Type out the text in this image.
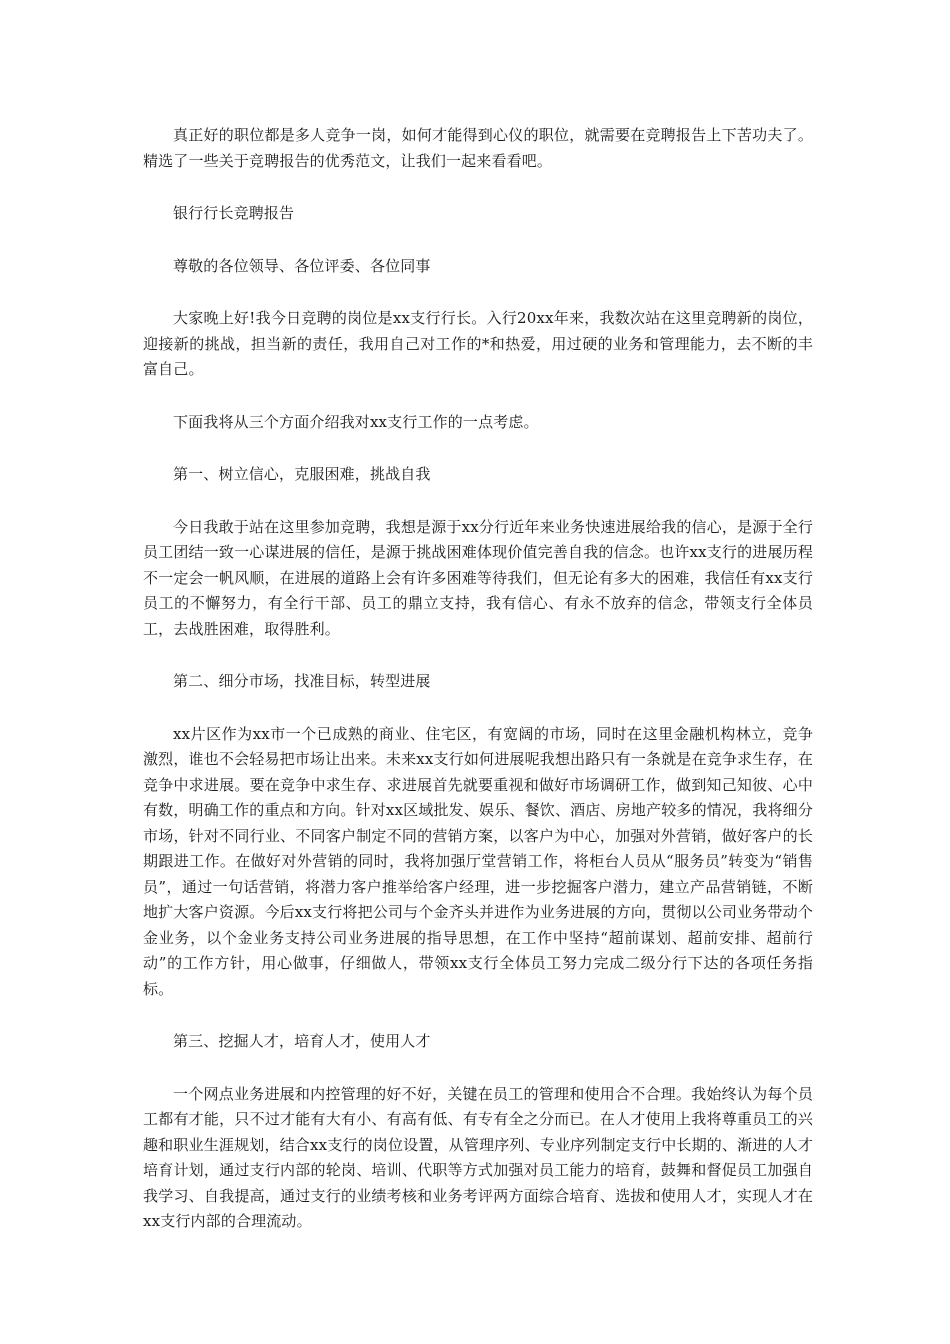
真正好的职位都是多人竞争一岗，如何才能得到心仪的职位，就需要在竞聘报告上下苦功夫了。精选了一些关于竞聘报告的优秀范文，让我们一起来看看吧。

银行行长竞聘报告

尊敬的各位领导、各位评委、各位同事

大家晚上好!我今日竞聘的岗位是xx支行行长。入行20xx年来，我数次站在这里竞聘新的岗位，迎接新的挑战，担当新的责任，我用自己对工作的*和热爱，用过硬的业务和管理能力，去不断的丰富自己。

下面我将从三个方面介绍我对xx支行工作的一点考虑。

第一、树立信心，克服困难，挑战自我

今日我敢于站在这里参加竞聘，我想是源于xx分行近年来业务快速进展给我的信心，是源于全行员工团结一致一心谋进展的信任，是源于挑战困难体现价值完善自我的信念。也许xx支行的进展历程不一定会一帆风顺，在进展的道路上会有许多困难等待我们，但无论有多大的困难，我信任有xx支行员工的不懈努力，有全行干部、员工的鼎立支持，我有信心、有永不放弃的信念，带领支行全体员工，去战胜困难，取得胜利。

第二、细分市场，找准目标，转型进展

xx片区作为xx市一个已成熟的商业、住宅区，有宽阔的市场，同时在这里金融机构林立，竞争激烈，谁也不会轻易把市场让出来。未来xx支行如何进展呢我想出路只有一条就是在竞争求生存，在竞争中求进展。要在竞争中求生存、求进展首先就要重视和做好市场调研工作，做到知己知彼、心中有数，明确工作的重点和方向。针对xx区域批发、娱乐、餐饮、酒店、房地产较多的情况，我将细分市场，针对不同行业、不同客户制定不同的营销方案，以客户为中心，加强对外营销，做好客户的长期跟进工作。在做好对外营销的同时，我将加强厅堂营销工作，将柜台人员从“服务员”转变为“销售员”，通过一句话营销，将潜力客户推举给客户经理，进一步挖掘客户潜力，建立产品营销链，不断地扩大客户资源。今后xx支行将把公司与个金齐头并进作为业务进展的方向，贯彻以公司业务带动个金业务，以个金业务支持公司业务进展的指导思想，在工作中坚持“超前谋划、超前安排、超前行动”的工作方针，用心做事，仔细做人，带领xx支行全体员工努力完成二级分行下达的各项任务指标。

第三、挖掘人才，培育人才，使用人才

一个网点业务进展和内控管理的好不好，关键在员工的管理和使用合不合理。我始终认为每个员工都有才能，只不过才能有大有小、有高有低、有专有全之分而已。在人才使用上我将尊重员工的兴趣和职业生涯规划，结合xx支行的岗位设置，从管理序列、专业序列制定支行中长期的、渐进的人才培育计划，通过支行内部的轮岗、培训、代职等方式加强对员工能力的培育，鼓舞和督促员工加强自我学习、自我提高，通过支行的业绩考核和业务考评两方面综合培育、选拔和使用人才，实现人才在xx支行内部的合理流动。
